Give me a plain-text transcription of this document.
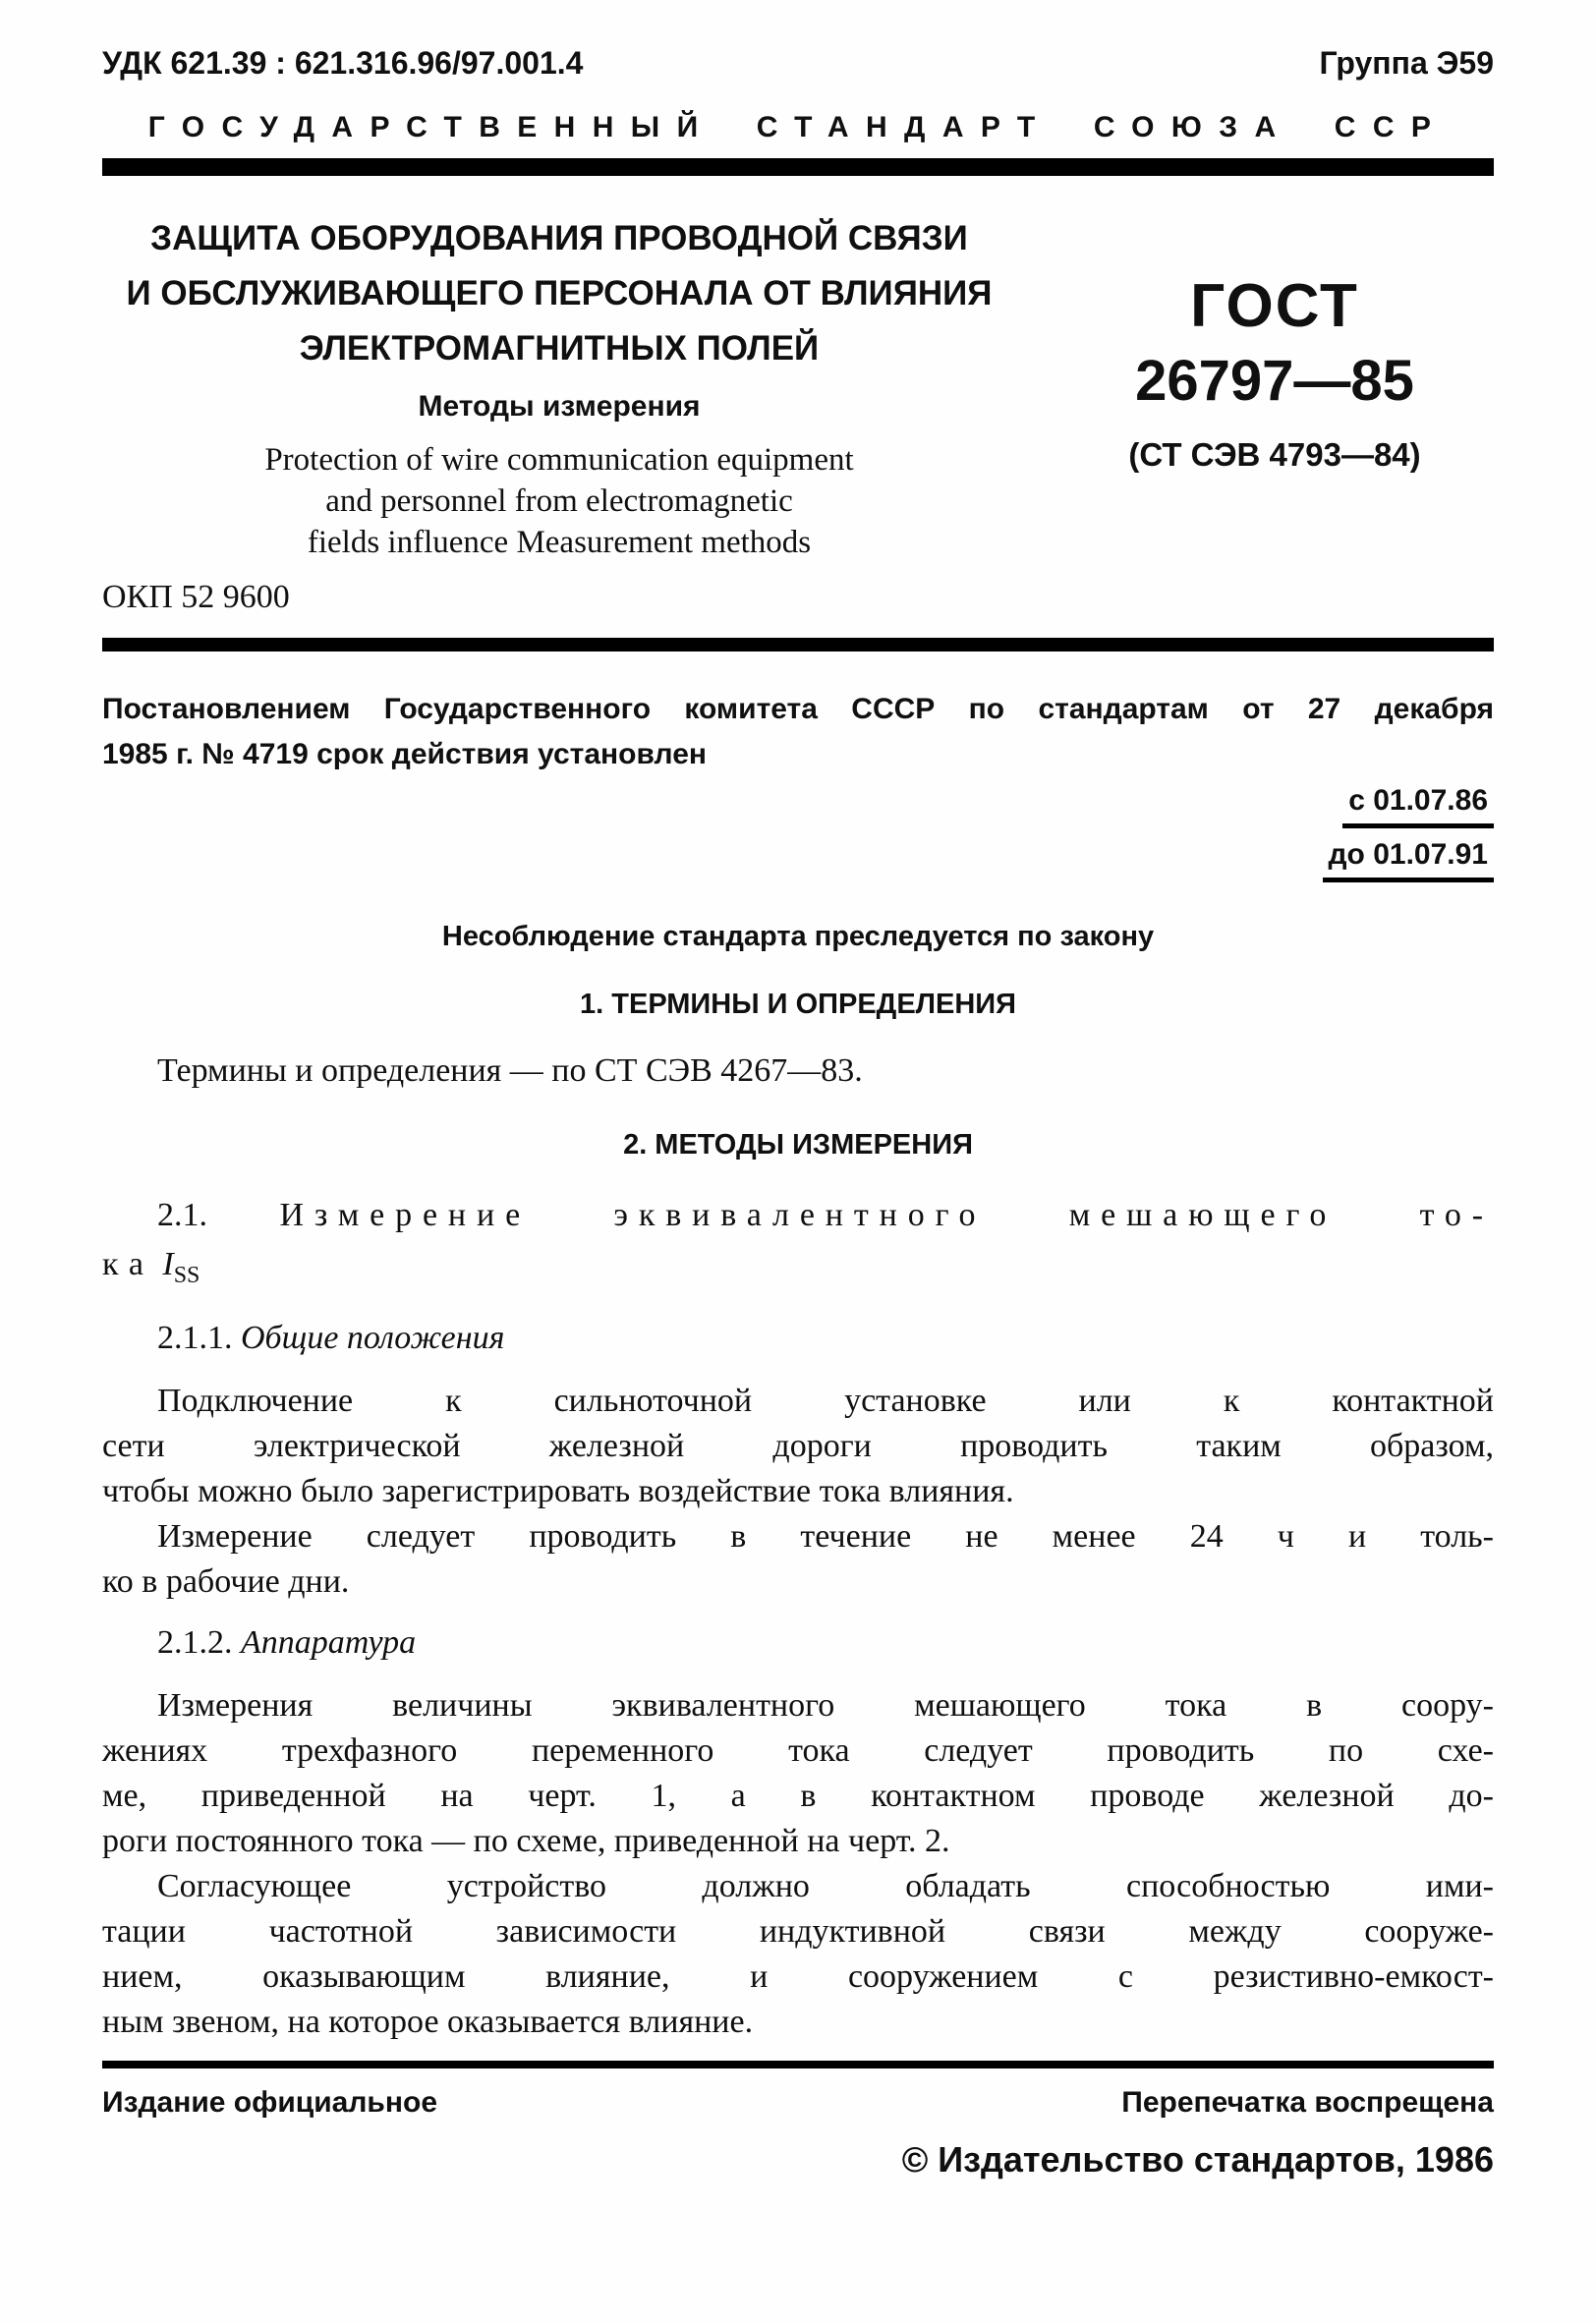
УДК 621.39 : 621.316.96/97.001.4	Группа Э59
ГОСУДАРСТВЕННЫЙ СТАНДАРТ СОЮЗА ССР
ЗАЩИТА ОБОРУДОВАНИЯ ПРОВОДНОЙ СВЯЗИ
И ОБСЛУЖИВАЮЩЕГО ПЕРСОНАЛА ОТ ВЛИЯНИЯ
ЭЛЕКТРОМАГНИТНЫХ ПОЛЕЙ
Методы измерения
Protection of wire communication equipment
and personnel from electromagnetic
fields influence Measurement methods
ОКП 52 9600
ГОСТ
26797—85
(СТ СЭВ 4793—84)
Постановлением Государственного комитета СССР по стандартам от 27 декабря
1985 г. № 4719 срок действия установлен
с 01.07.86
до 01.07.91
Несоблюдение стандарта преследуется по закону
1. ТЕРМИНЫ И ОПРЕДЕЛЕНИЯ
Термины и определения — по СТ СЭВ 4267—83.
2. МЕТОДЫ ИЗМЕРЕНИЯ
2.1. Измерение эквивалентного мешающего то-
ка $I_{SS}$
2.1.1. Общие положения
Подключение к сильноточной установке или к контактной
сети электрической железной дороги проводить таким образом,
чтобы можно было зарегистрировать воздействие тока влияния.
Измерение следует проводить в течение не менее 24 ч и толь-
ко в рабочие дни.
2.1.2. Аппаратура
Измерения величины эквивалентного мешающего тока в соору-
жениях трехфазного переменного тока следует проводить по схе-
ме, приведенной на черт. 1, а в контактном проводе железной до-
роги постоянного тока — по схеме, приведенной на черт. 2.
Согласующее устройство должно обладать способностью ими-
тации частотной зависимости индуктивной связи между сооруже-
нием, оказывающим влияние, и сооружением с резистивно-емкост-
ным звеном, на которое оказывается влияние.
Издание официальное	Перепечатка воспрещена
© Издательство стандартов, 1986
